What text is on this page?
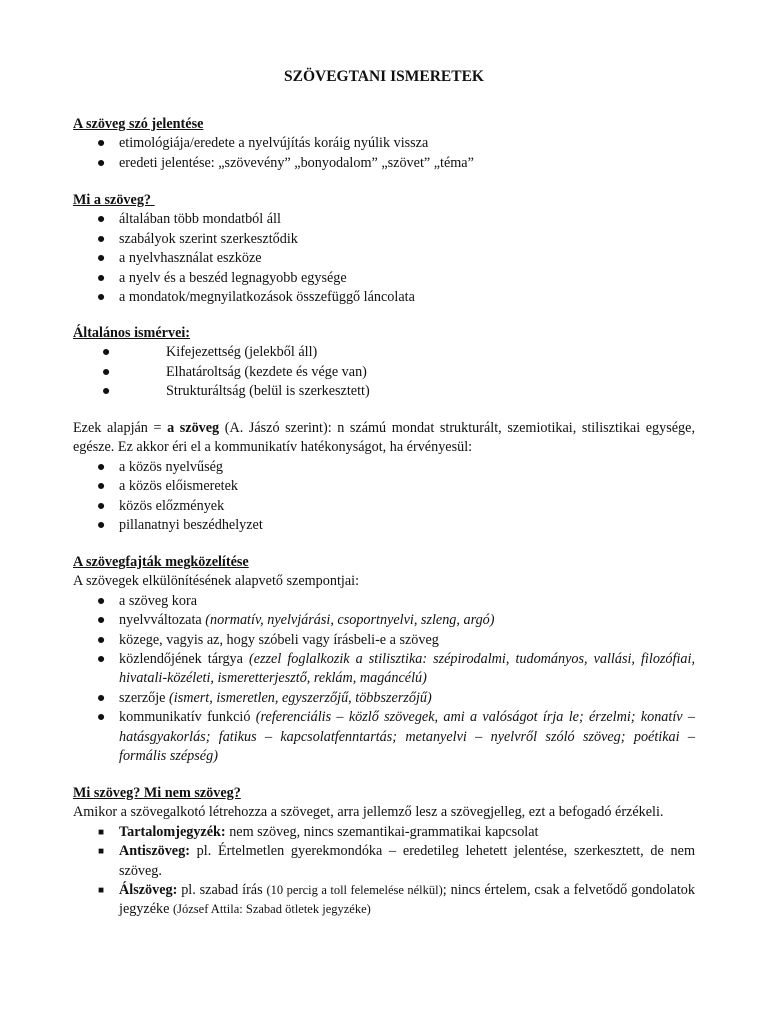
SZÖVEGTANI ISMERETEK
A szöveg szó jelentése
● etimológiája/eredete a nyelvújítás koráig nyúlik vissza
● eredeti jelentése: „szövevény” „bonyodalom” „szövet” „téma”
Mi a szöveg?
● általában több mondatból áll
● szabályok szerint szerkesztődik
● a nyelvhasználat eszköze
● a nyelv és a beszéd legnagyobb egysége
● a mondatok/megnyilatkozások összefüggő láncolata
Általános ismérvei:
●	Kifejezettség (jelekből áll)
●	Elhatároltság (kezdete és vége van)
●	Strukturáltság (belül is szerkesztett)
Ezek alapján = a szöveg (A. Jászó szerint): n számú mondat strukturált, szemiotikai, stilisztikai egysége, egésze. Ez akkor éri el a kommunikatív hatékonyságot, ha érvényesül:
● a közös nyelvűség
● a közös előismeretek
● közös előzmények
● pillanatnyi beszédhelyzet
A szövegfajták megközelítése
A szövegek elkülönítésének alapvető szempontjai:
● a szöveg kora
● nyelvváltozata (normatív, nyelvjárási, csoportnyelvi, szleng, argó)
● közege, vagyis az, hogy szóbeli vagy írásbeli-e a szöveg
● közlendőjének tárgya (ezzel foglalkozik a stilisztika: szépirodalmi, tudományos, vallási, filozófiai, hivatali-közéleti, ismeretterjesztő, reklám, magáncélú)
● szerzője (ismert, ismeretlen, egyszerzőjű, többszerzőjű)
● kommunikatív funkció (referenciális – közlő szövegek, ami a valóságot írja le; érzelmi; konatív – hatásgyakorlás; fatikus – kapcsolatfenntartás; metanyelvi – nyelvről szóló szöveg; poétikai – formális szépség)
Mi szöveg? Mi nem szöveg?
Amikor a szövegalkotó létrehozza a szöveget, arra jellemző lesz a szövegjelleg, ezt a befogadó érzékeli.
■ Tartalomjegyzék: nem szöveg, nincs szemantikai-grammatikai kapcsolat
■ Antiszöveg: pl. Értelmetlen gyerekmondóka – eredetileg lehetett jelentése, szerkesztett, de nem szöveg.
■ Álszöveg: pl. szabad írás (10 percig a toll felemelése nélkül); nincs értelem, csak a felvetődő gondolatok jegyzéke (József Attila: Szabad ötletek jegyzéke)
